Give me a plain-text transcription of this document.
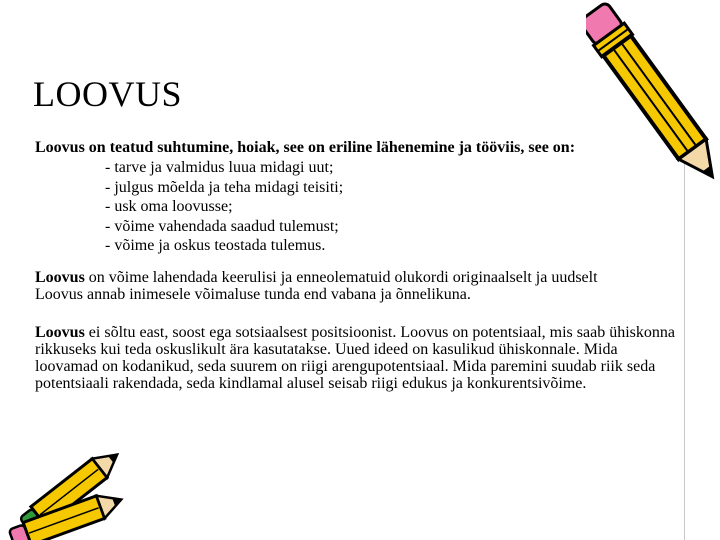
LOOVUS
Loovus on teatud suhtumine, hoiak, see on eriline lähenemine ja tööviis, see on:
- tarve ja valmidus luua midagi uut;
- julgus mõelda ja teha midagi teisiti;
- usk oma loovusse;
- võime vahendada saadud tulemust;
- võime ja oskus teostada tulemus.
Loovus on võime lahendada keerulisi ja enneolematuid olukordi originaalselt ja uudselt
Loovus annab inimesele võimaluse tunda end vabana ja õnnelikuna.
Loovus ei sõltu east, soost ega sotsiaalsest positsioonist. Loovus on potentsiaal, mis saab ühiskonna rikkuseks kui teda oskuslikult ära kasutatakse. Uued ideed on kasulikud ühiskonnale. Mida loovamad on kodanikud, seda suurem on riigi arengupotentsiaal. Mida paremini suudab riik seda potentsiaali rakendada, seda kindlamal alusel seisab riigi edukus ja konkurentsivõime.
